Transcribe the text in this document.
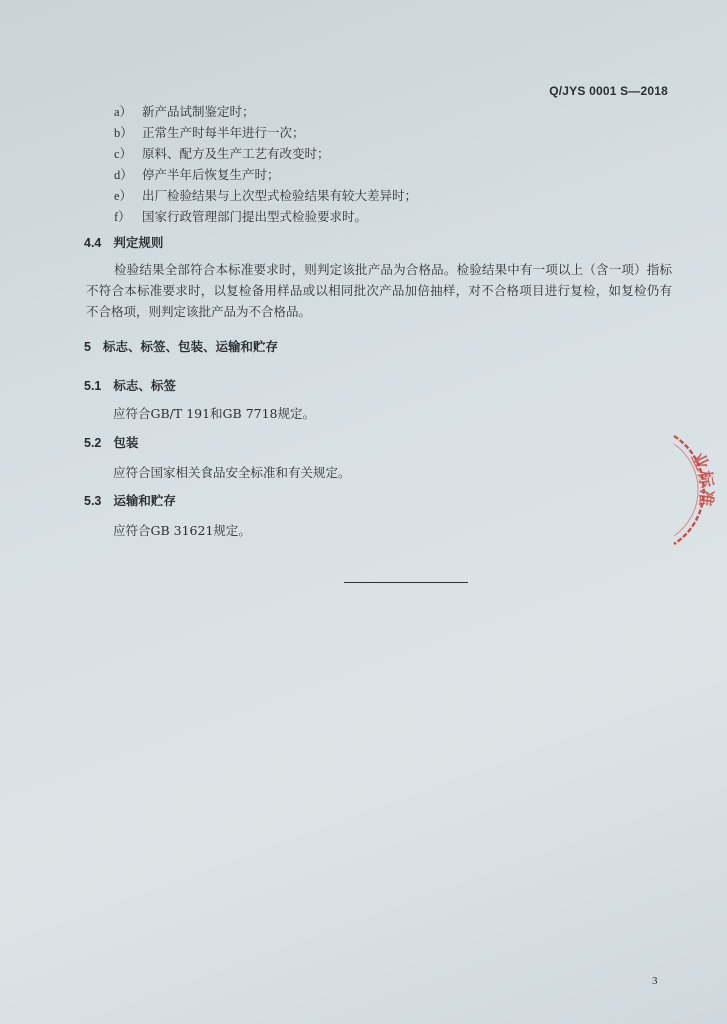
Q/JYS 0001 S—2018
a） 新产品试制鉴定时；
b） 正常生产时每半年进行一次；
c） 原料、配方及生产工艺有改变时；
d） 停产半年后恢复生产时；
e） 出厂检验结果与上次型式检验结果有较大差异时；
f） 国家行政管理部门提出型式检验要求时。
4.4 判定规则
检验结果全部符合本标准要求时，则判定该批产品为合格品。检验结果中有一项以上（含一项）指标不符合本标准要求时，以复检备用样品或以相同批次产品加倍抽样，对不合格项目进行复检，如复检仍有不合格项，则判定该批产品为不合格品。
5 标志、标签、包装、运输和贮存
5.1 标志、标签
应符合GB/T 191和GB 7718规定。
5.2 包装
应符合国家相关食品安全标准和有关规定。
5.3 运输和贮存
应符合GB 31621规定。
业标准
3
